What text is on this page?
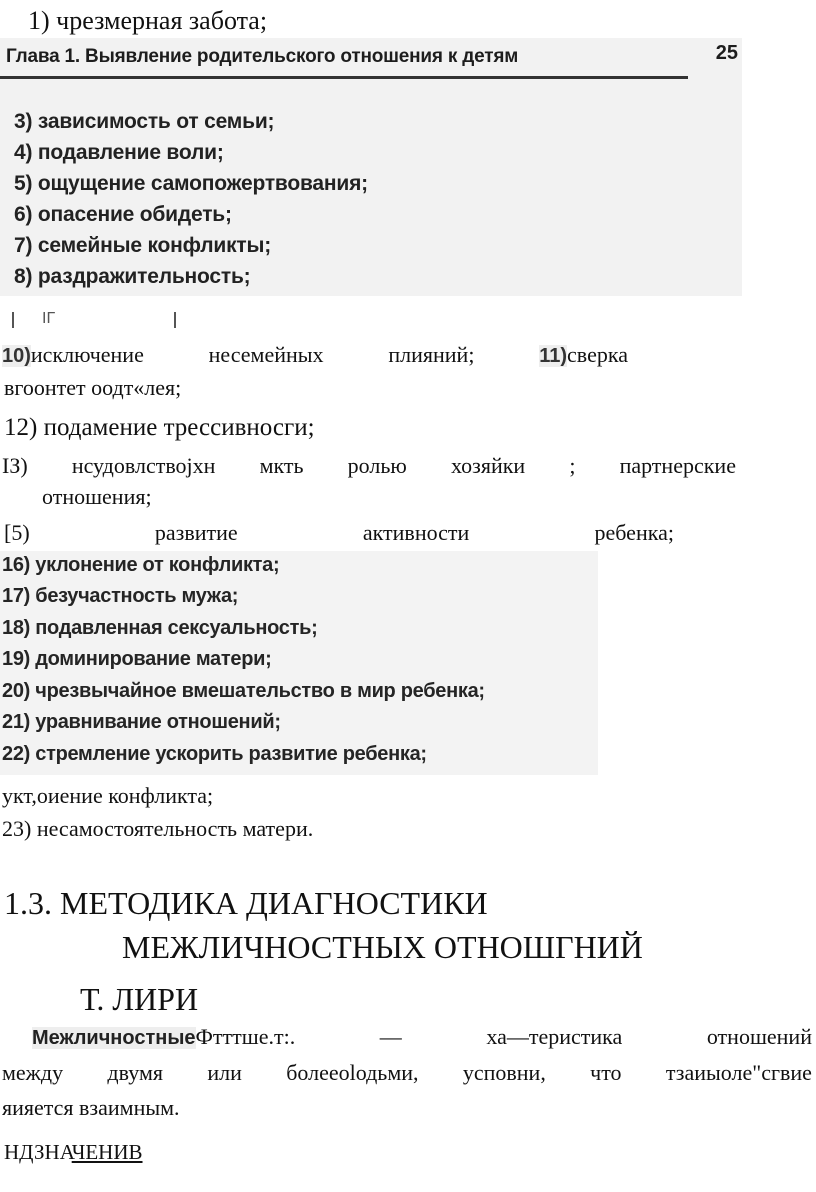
1) чрезмерная забота;
Глава 1. Выявление родительского отношения к детям	25
3) зависимость от семьи;
4) подавление воли;
5) ощущение самопожертвования;
6) опасение обидеть;
7) семейные конфликты;
8) раздражительность;
ІГ
10)исключение	несемейных	плияний;	11)сверка
вгоонтет оодт«лея;
12) подамение трессивносги;
ІЗ) нсудовлствојхн мкть ролью хозяйки ; партнерские
отношения;
[5)	развитие	активности	ребенка;
16) уклонение от конфликта;
17) безучастность мужа;
18) подавленная сексуальность;
19) доминирование матери;
20) чрезвычайное вмешательство в мир ребенка;
21) уравнивание отношений;
22) стремление ускорить развитие ребенка;
укт,оиение конфликта;
23) несамостоятельность матери.
1.3. МЕТОДИКА ДИАГНОСТИКИ
МЕЖЛИЧНОСТНЫХ ОТНОШГНИЙ
Т. ЛИРИ
МежличностныеФтттше.т:.	—	ха—теристика	отношений
между двумя или болееolодьми, усповни, что тзаиыоле"сгвие
яияется взаимным.
НДЗНАЧЕНИВ
